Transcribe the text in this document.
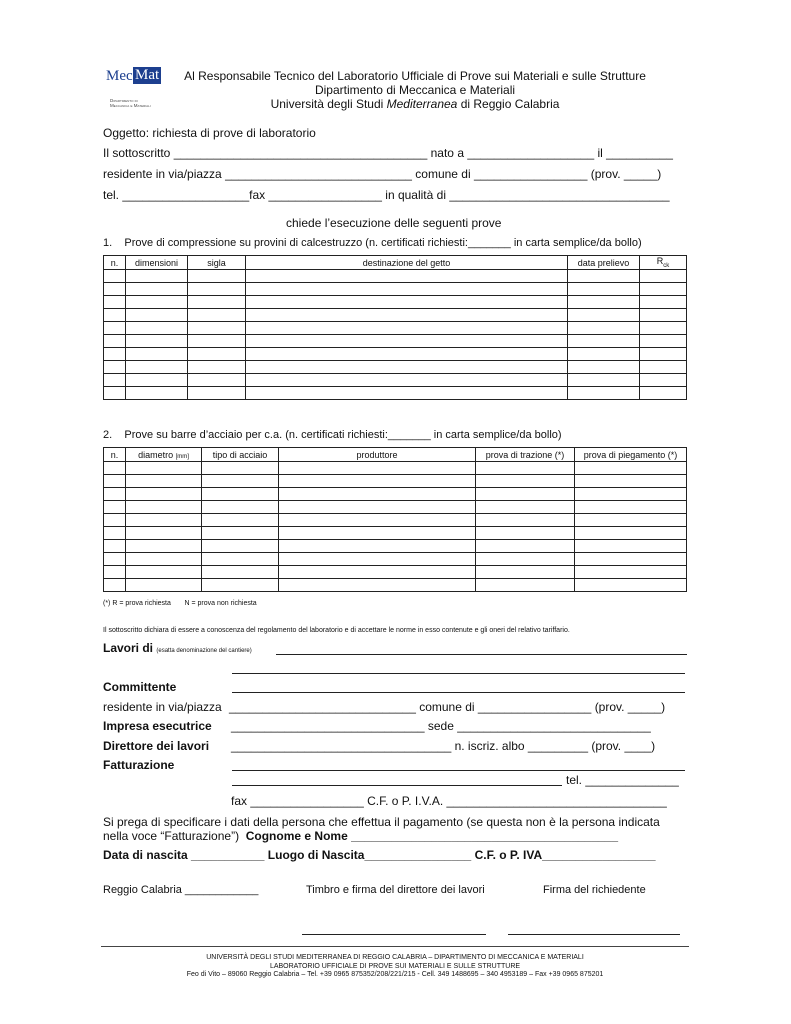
Mec Mat
Dipartimento di
Meccanica e Materiali
Al Responsabile Tecnico del Laboratorio Ufficiale di Prove sui Materiali e sulle Strutture
Dipartimento di Meccanica e Materiali
Università degli Studi Mediterranea di Reggio Calabria
Oggetto: richiesta di prove di laboratorio
Il sottoscritto ______________________________________ nato a ___________________ il __________
residente in via/piazza ____________________________ comune di _________________ (prov. _____)
tel. ___________________fax _________________ in qualità di _________________________________
chiede l’esecuzione delle seguenti prove
1.    Prove di compressione su provini di calcestruzzo (n. certificati richiesti:_______ in carta semplice/da bollo)
n.	dimensioni	sigla	destinazione del getto	data prelievo	$R_{ck}$

2.    Prove su barre d’acciaio per c.a. (n. certificati richiesti:_______ in carta semplice/da bollo)
n.	diametro [mm]	tipo di acciaio	produttore	prova di trazione (*)	prova di piegamento (*)

(*) R = prova richiesta       N = prova non richiesta
Il sottoscritto dichiara di essere a conoscenza del regolamento del laboratorio e di accettare le norme in esso contenute e gli oneri del relativo tariffario.
Lavori di (esatta denominazione del cantiere)
Committente
residente in via/piazza ____________________________ comune di _________________ (prov. _____)
Impresa esecutrice _____________________________ sede _____________________________
Direttore dei lavori _________________________________ n. iscriz. albo _________ (prov. ____)
Fatturazione
tel. ______________
fax _________________ C.F. o P. I.V.A. _________________________________
Si prega di specificare i dati della persona che effettua il pagamento (se questa non è la persona indicata
nella voce “Fatturazione”) Cognome e Nome ________________________________________
Data di nascita ___________ Luogo di Nascita________________ C.F. o P. IVA_________________
Reggio Calabria ____________	Timbro e firma del direttore dei lavori	Firma del richiedente
UNIVERSITÀ DEGLI STUDI MEDITERRANEA DI REGGIO CALABRIA – DIPARTIMENTO DI MECCANICA E MATERIALI
LABORATORIO UFFICIALE DI PROVE SUI MATERIALI E SULLE STRUTTURE
Feo di Vito – 89060 Reggio Calabria – Tel. +39 0965 875352/208/221/215 - Cell. 349 1488695 – 340 4953189 – Fax +39 0965 875201
